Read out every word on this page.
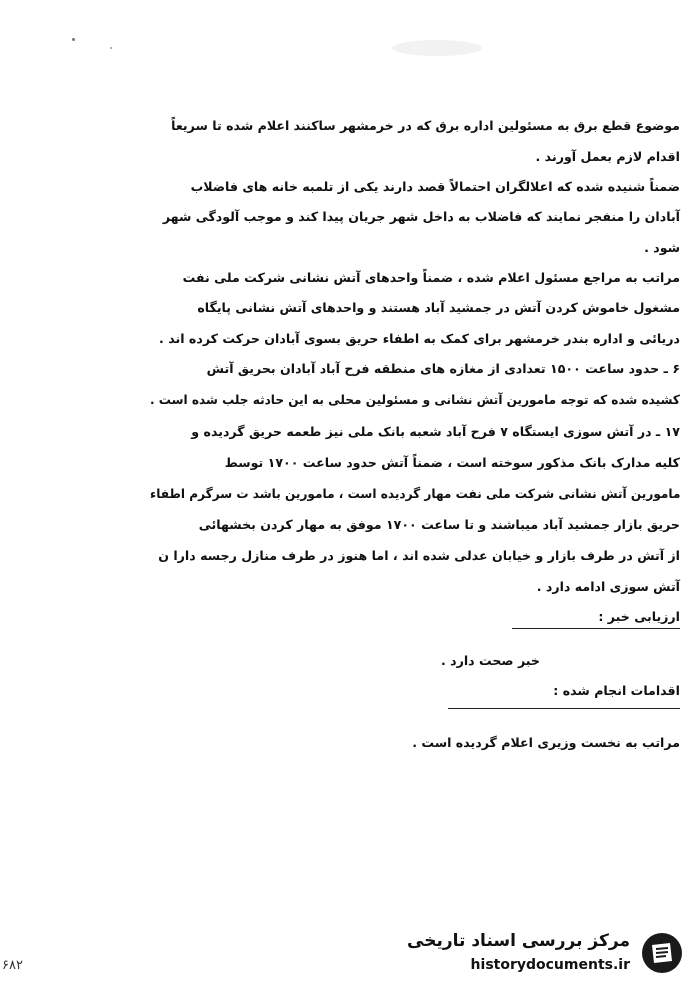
موضوع قطع برق به مسئولین اداره برق که در خرمشهر ساکنند اعلام شده تا سریعاً
اقدام لازم بعمل آورند .
ضمناً شنیده شده که اعلالگران احتمالاً قصد دارند یکی از تلمبه خانه های فاضلاب
آبادان را منفجر نمایند که فاضلاب به داخل شهر جریان پیدا کند و موجب آلودگی شهر
شود .
مراتب به مراجع مسئول اعلام شده ، ضمناً واحدهای آتش نشانی شرکت ملی نفت
مشغول خاموش کردن آتش در جمشید آباد هستند و واحدهای آتش نشانی پایگاه
دریائی و اداره بندر خرمشهر برای کمک به اطفاء حریق بسوی آبادان حرکت کرده اند .
۶ ـ حدود ساعت ۱۵۰۰ تعدادی از مغازه های منطقه فرح آباد آبادان بحریق آتش
کشیده شده که توجه مامورین آتش نشانی و مسئولین محلی به این حادثه جلب شده است .
۱۷ ـ در آتش سوزی ایستگاه ۷ فرح آباد شعبه بانک ملی نیز طعمه حریق گردیده و
کلیه مدارک بانک مذکور سوخته است ، ضمناً آتش حدود ساعت ۱۷۰۰ توسط
مامورین آتش نشانی شرکت ملی نفت مهار گردیده است ، مامورین باشد ت سرگرم اطفاء
حریق بازار جمشید آباد میباشند و تا ساعت ۱۷۰۰ موفق به مهار کردن بخشهائی
از آتش در طرف بازار و خیابان عدلی شده اند ، اما هنوز در طرف منازل رجسه دارا ن
آتش سوزی ادامه دارد .
ارزیابی خبر :
خبر صحت دارد .
اقدامات انجام شده :
مراتب به نخست وزیری اعلام گردیده است .
مرکز بررسی اسناد تاریخی
historydocuments.ir
۶۸۲
